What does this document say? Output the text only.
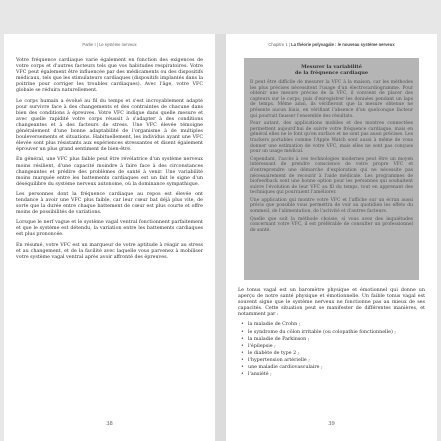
Partie I | Le système nerveux

Votre fréquence cardiaque varie également en fonction des exigences de votre corps et d'autres facteurs tels que vos habitudes respiratoires. Votre VFC peut également être influencée par des médicaments ou des dispositifs médicaux, tels que les stimulateurs cardiaques (dispositifs implantés dans la poitrine pour corriger les troubles cardiaques). Avec l'âge, votre VFC globale se réduira naturellement.

Le corps humain a évolué au fil du temps et s'est incroyablement adapté pour survivre face à des changements et des contraintes de chacune dans bien des conditions à épreuves. Votre VFC indique dans quelle mesure et avec quelle rapidité votre corps réussit à s'adapter à des conditions changeantes et à des facteurs de stress. Une VFC élevée témoigne généralement d'une bonne adaptabilité de l'organisme à de multiples bouleversements et situations. Habituellement, les individus ayant une VFC élevée sont plus résistants aux expériences stressantes et disent également éprouver un plus grand sentiment de bien-être.

En général, une VFC plus faible peut être révélatrice d'un système nerveux moins résilient, d'une capacité moindre à faire face à des circonstances changeantes et prédire des problèmes de santé à venir. Une variabilité moins marquée entre les battements cardiaques est un fait le signe d'un déséquilibre du système nerveux autonome, où la dominance sympathique.

Les personnes dont la fréquence cardiaque au repos est élevée ont tendance à avoir une VFC plus faible, car leur cœur bat déjà plus vite, de sorte que la durée entre chaque battement de cœur est plus courte et offre moins de possibilités de variations.

Lorsque le nerf vague et le système vagal ventral fonctionnent parfaitement et que le système est détendu, la variation entre les battements cardiaques est plus prononcée.

En résumé, votre VFC est un marqueur de votre aptitude à réagir au stress et au changement, et de la facilité avec laquelle vous parvenez à mobiliser votre système vagal ventral après avoir affronté des épreuves.

38
Chapitre 1 | La théorie polyvagale : le nouveau système nerveux
Mesurer la variabilité
de la fréquence cardiaque

Il peut être difficile de mesurer la VFC à la maison, car les méthodes les plus précises nécessitent l'usage d'un électrocardiogramme. Pour obtenir une mesure précise de la VFC, il convient de placer des capteurs sur le corps, puis d'enregistrer les données pendant un laps de temps. Même ainsi, ils vérifieront que la mesure obtenue ne présente aucun biais, en vérifiant l'absence d'un quelconque facteur qui pourrait fausser l'ensemble des résultats.

Pour autant, des applications mobiles et des montres connectées permettent aujourd'hui de suivre votre fréquence cardiaque, mais en général elles ne le font qu'en surface et ne sont pas aussi précises. Les trackers portables comme l'Apple Watch sont aussi à même de vous donner une estimation de votre VFC, mais elles ne sont pas conçues pour un usage médical.

Cependant, l'accès à ces technologies modernes peut être un moyen intéressant de prendre conscience de votre propre VFC et d'entreprendre une démarche d'exploration qui ne nécessite pas nécessairement de recourir à l'aide médicale. Les programmes de biofeedback sont une bonne option pour les personnes qui souhaitent suivre l'évolution de leur VFC au fil du temps, tout en apprenant des techniques qui pourraient l'améliorer.

Une application qui montre votre VFC et l'affiche sur un écran aussi précis que possible vous permettra de voir au quotidien les effets du sommeil, de l'alimentation, de l'activité et d'autres facteurs.

Quelle que soit la méthode choisie, si vous avez des inquiétudes concernant votre VFC, il est préférable de consulter un professionnel de santé.

Le tonus vagal est un baromètre physique et émotionnel qui donne un aperçu de notre santé physique et émotionnelle. Un faible tonus vagal est souvent signe que le système nerveux ne fonctionne pas au mieux de ses capacités. Cette situation peut se manifester de différentes manières, et notamment par :

• la maladie de Crohn ;
• le syndrome du côlon irritable (ou colopathie fonctionnelle) ;
• la maladie de Parkinson ;
• l'épilepsie ;
• le diabète de type 2 ;
• l'hypertension artérielle ;
• une maladie cardiovasculaire ;
• l'anxiété ;
39
